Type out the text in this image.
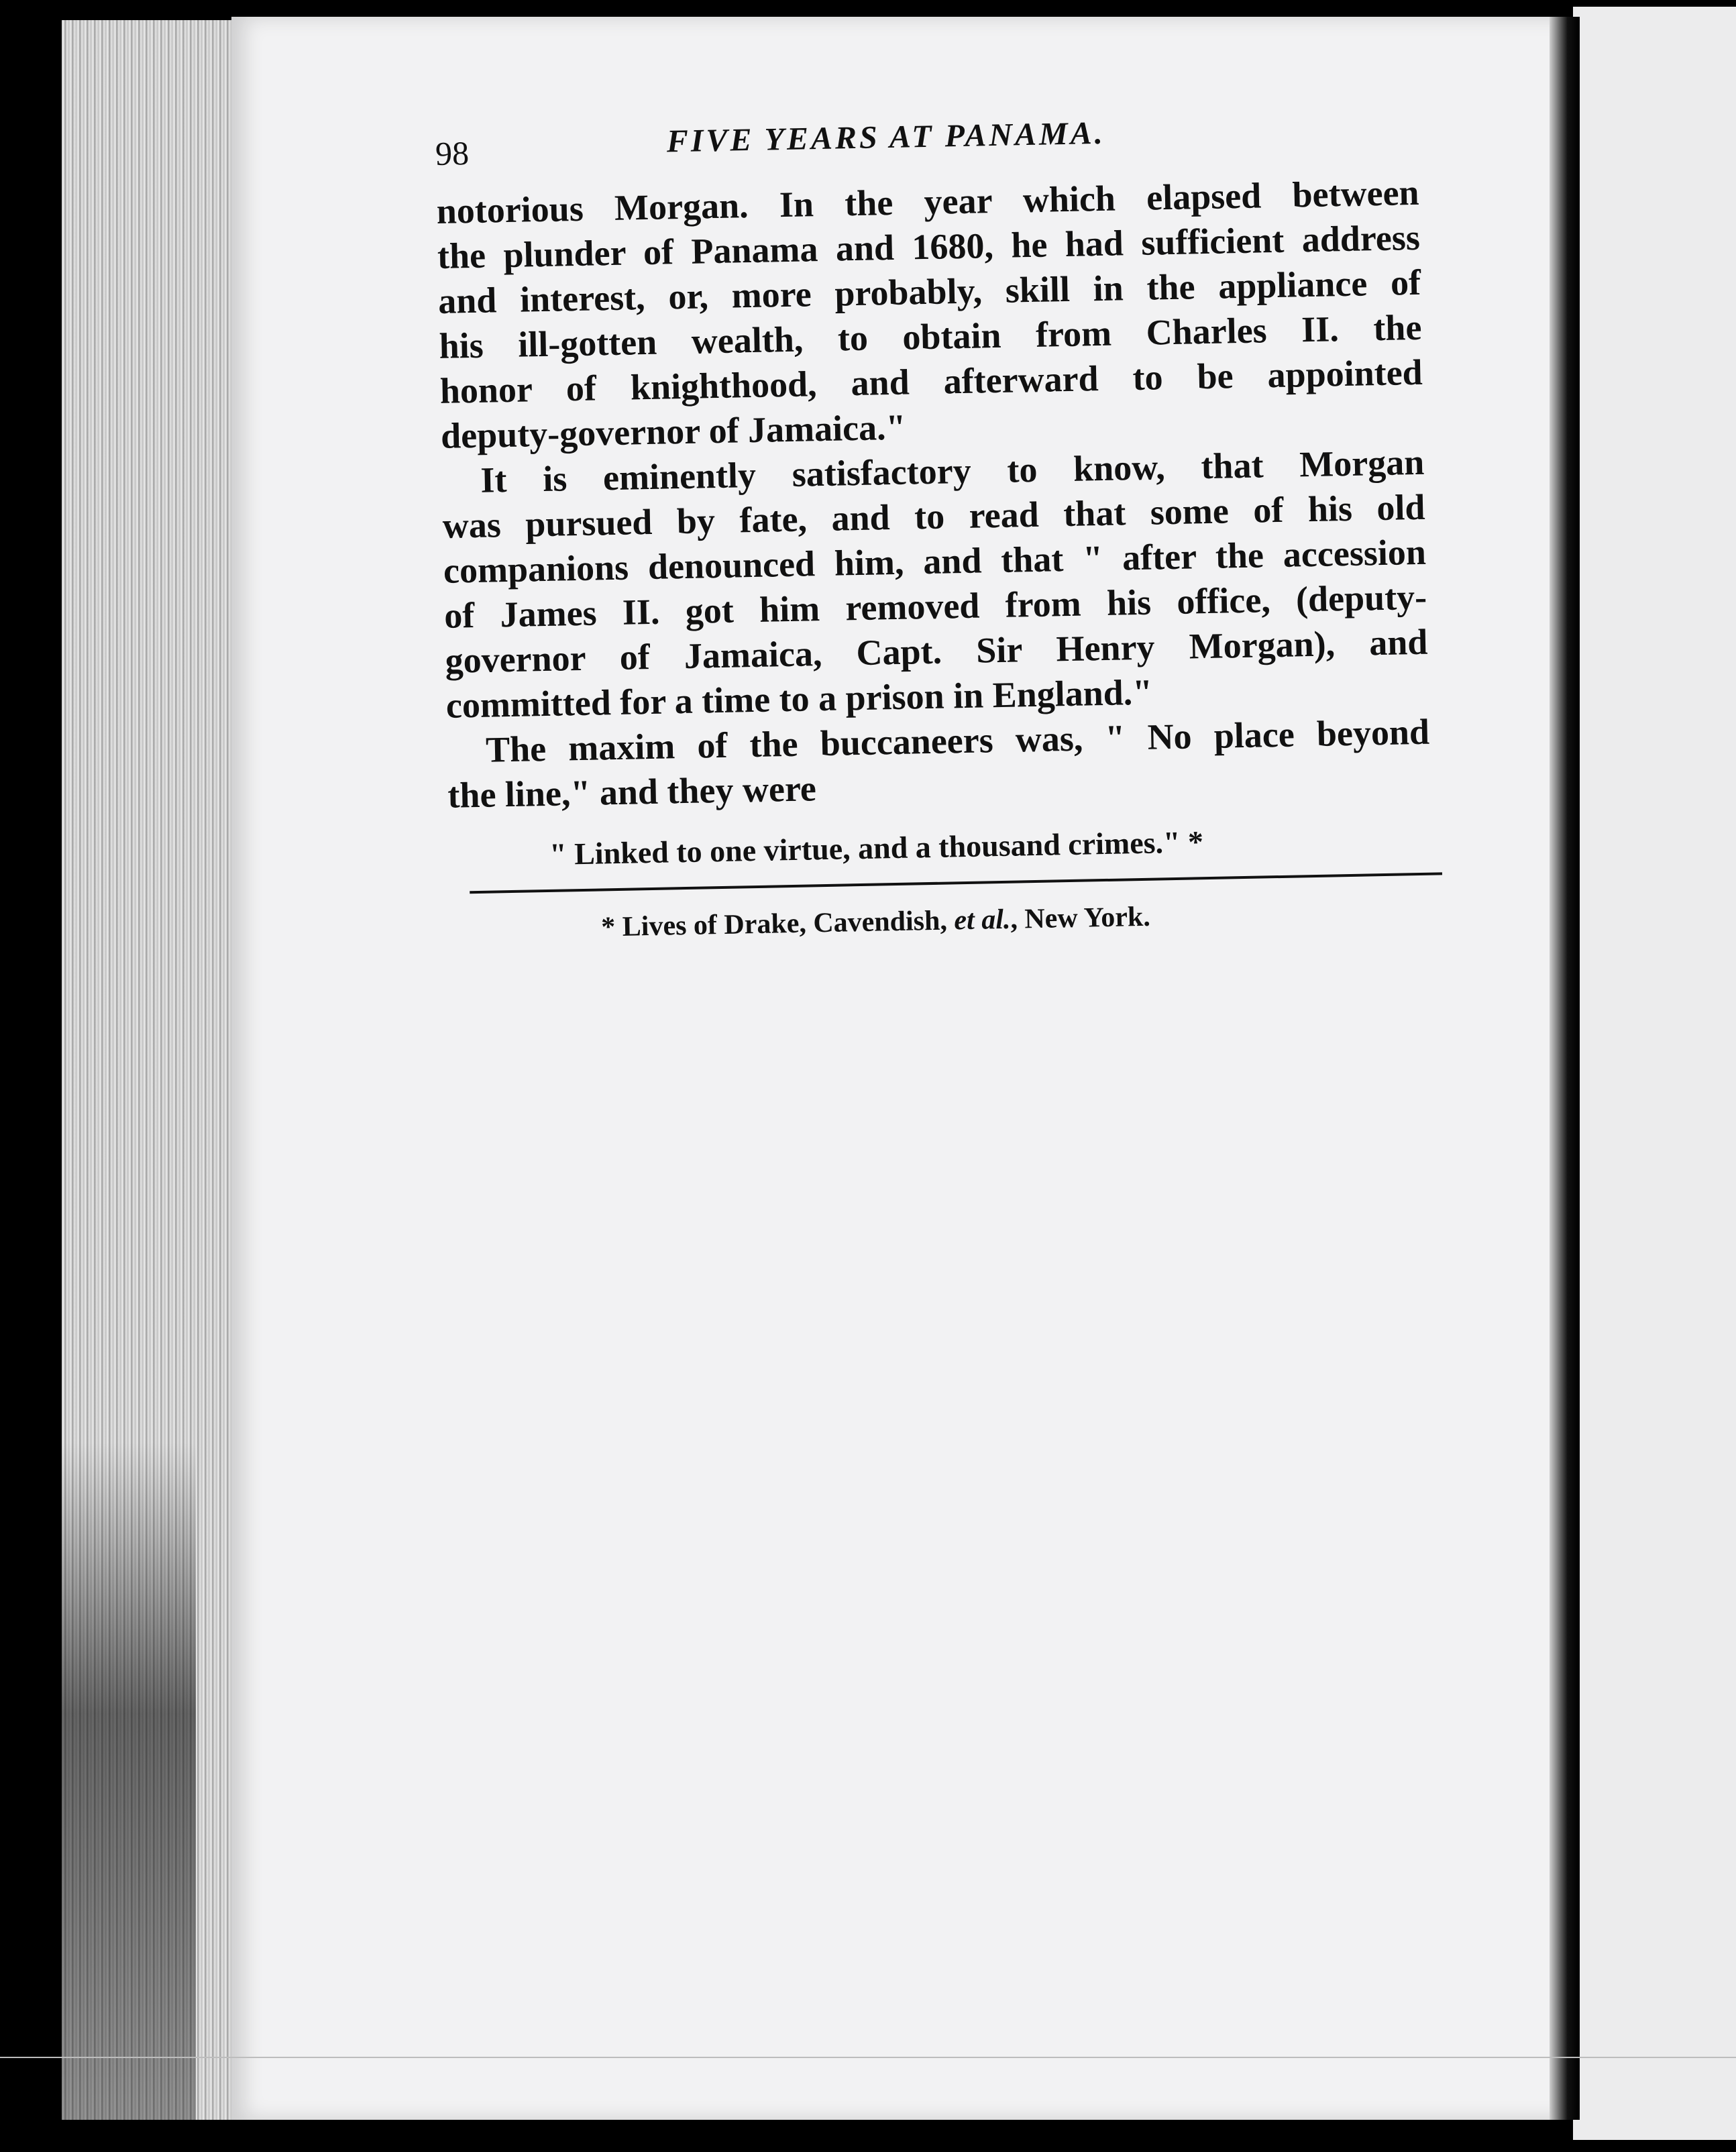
98	FIVE YEARS AT PANAMA.
notorious Morgan. In the year which elapsed between
the plunder of Panama and 1680, he had sufficient address
and interest, or, more probably, skill in the appliance of
his ill-gotten wealth, to obtain from Charles II. the
honor of knighthood, and afterward to be appointed
deputy-governor of Jamaica."
It is eminently satisfactory to know, that Morgan
was pursued by fate, and to read that some of his old
companions denounced him, and that " after the accession
of James II. got him removed from his office, (deputy-
governor of Jamaica, Capt. Sir Henry Morgan), and
committed for a time to a prison in England."
The maxim of the buccaneers was, " No place beyond
the line," and they were
" Linked to one virtue, and a thousand crimes." *
* Lives of Drake, Cavendish, et al., New York.
